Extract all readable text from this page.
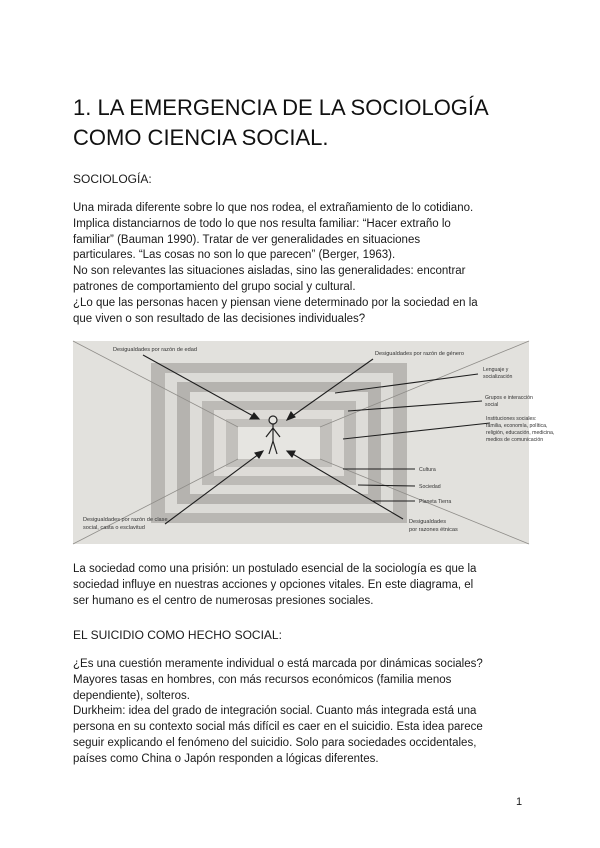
1. LA EMERGENCIA DE LA SOCIOLOGÍA
COMO CIENCIA SOCIAL.

SOCIOLOGÍA:

Una mirada diferente sobre lo que nos rodea, el extrañamiento de lo cotidiano.
Implica distanciarnos de todo lo que nos resulta familiar: “Hacer extraño lo
familiar” (Bauman 1990). Tratar de ver generalidades en situaciones
particulares. “Las cosas no son lo que parecen” (Berger, 1963).
No son relevantes las situaciones aisladas, sino las generalidades: encontrar
patrones de comportamiento del grupo social y cultural.
¿Lo que las personas hacen y piensan viene determinado por la sociedad en la
que viven o son resultado de las decisiones individuales?

Desigualdades por razón de edad
Desigualdades por razón de género
Desigualdades por razón de clase
social, casta o esclavitud
Desigualdades
por razones étnicas
Lenguaje y
socialización
Grupos e interacción
social
Instituciones sociales:
familia, economía, política,
religión, educación, medicina,
medios de comunicación
Cultura
Sociedad
Planeta Tierra

La sociedad como una prisión: un postulado esencial de la sociología es que la
sociedad influye en nuestras acciones y opciones vitales. En este diagrama, el
ser humano es el centro de numerosas presiones sociales.

EL SUICIDIO COMO HECHO SOCIAL:

¿Es una cuestión meramente individual o está marcada por dinámicas sociales?
Mayores tasas en hombres, con más recursos económicos (familia menos
dependiente), solteros.
Durkheim: idea del grado de integración social. Cuanto más integrada está una
persona en su contexto social más difícil es caer en el suicidio. Esta idea parece
seguir explicando el fenómeno del suicidio. Solo para sociedades occidentales,
países como China o Japón responden a lógicas diferentes.

1
